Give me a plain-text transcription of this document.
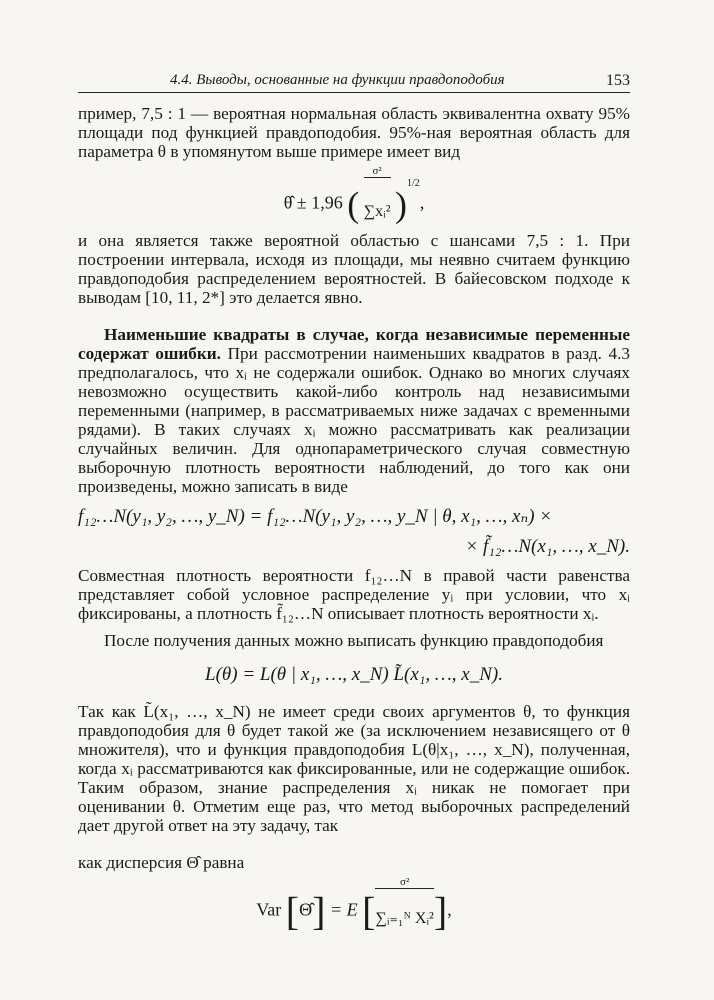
4.4. Выводы, основанные на функции правдоподобия	153

пример, 7,5 : 1 — вероятная нормальная область эквивалентна охвату 95% площади под функцией правдоподобия. 95%-ная вероятная область для параметра θ в упомянутом выше примере имеет вид

θ̂ ± 1,96 ( $\frac{\text{σ²}}{\text{∑xᵢ²}} )^{1/2}$,

и она является также вероятной областью с шансами 7,5 : 1. При построении интервала, исходя из площади, мы неявно считаем функцию правдоподобия распределением вероятностей. В байесовском подходе к выводам [10, 11, 2*] это делается явно.

Наименьшие квадраты в случае, когда независимые переменные содержат ошибки. При рассмотрении наименьших квадратов в разд. 4.3 предполагалось, что xᵢ не содержали ошибок. Однако во многих случаях невозможно осуществить какой-либо контроль над независимыми переменными (например, в рассматриваемых ниже задачах с временными рядами). В таких случаях xᵢ можно рассматривать как реализации случайных величин. Для однопараметрического случая совместную выборочную плотность вероятности наблюдений, до того как они произведены, можно записать в виде

f₁₂…N(y₁, y₂, …, y_N) = f₁₂…N(y₁, y₂, …, y_N | θ, x₁, …, xₙ) ×
× f̃₁₂…N(x₁, …, x_N).

Совместная плотность вероятности f₁₂…N в правой части равенства представляет собой условное распределение yᵢ при условии, что xᵢ фиксированы, а плотность f̃₁₂…N описывает плотность вероятности xᵢ.

После получения данных можно выписать функцию правдоподобия

L(θ) = L(θ | x₁, …, x_N) L̃(x₁, …, x_N).

Так как L̃(x₁, …, x_N) не имеет среди своих аргументов θ, то функция правдоподобия для θ будет такой же (за исключением независящего от θ множителя), что и функция правдоподобия L(θ|x₁, …, x_N), полученная, когда xᵢ рассматриваются как фиксированные, или не содержащие ошибок. Таким образом, знание распределения xᵢ никак не помогает при оценивании θ. Отметим еще раз, что метод выборочных распределений дает другой ответ на эту задачу, так

как дисперсия Θ̂ равна

Var [Θ̂] = E [ $\frac{\text{σ²}}{\text{∑ᵢ₌₁ᴺ Xᵢ²}}$ ],
